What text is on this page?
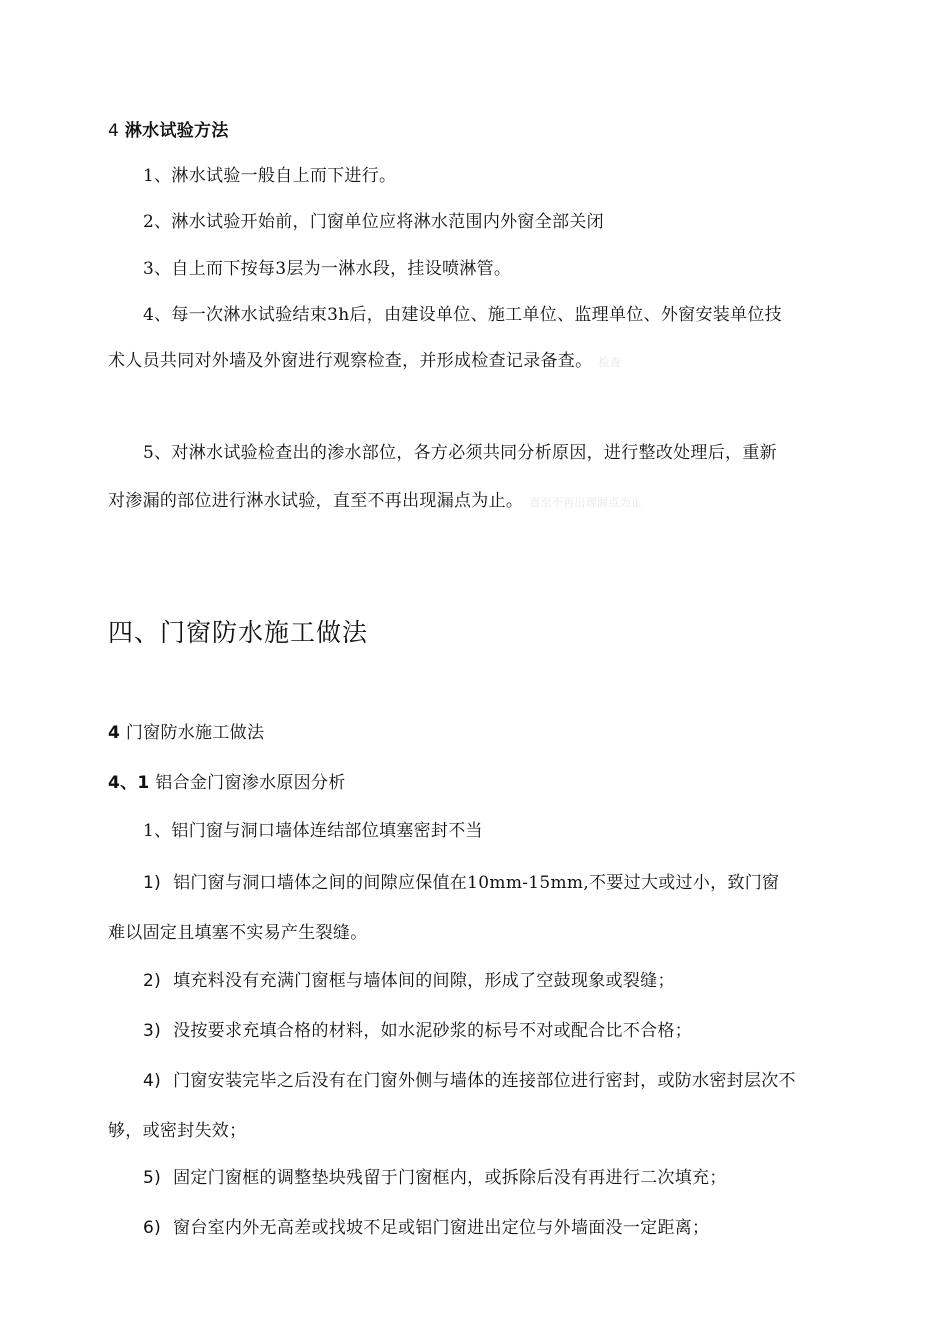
4 淋水试验方法
1、淋水试验一般自上而下进行。
2、淋水试验开始前，门窗单位应将淋水范围内外窗全部关闭
3、自上而下按每3层为一淋水段，挂设喷淋管。
4、每一次淋水试验结束3h后，由建设单位、施工单位、监理单位、外窗安装单位技
术人员共同对外墙及外窗进行观察检查，并形成检查记录备查。 检查
5、对淋水试验检查出的渗水部位，各方必须共同分析原因，进行整改处理后，重新
对渗漏的部位进行淋水试验，直至不再出现漏点为止。 直至不再出现漏点为止
四、门窗防水施工做法
4 门窗防水施工做法
4、1 铝合金门窗渗水原因分析
1、铝门窗与洞口墙体连结部位填塞密封不当
1) 铝门窗与洞口墙体之间的间隙应保值在10mm-15mm,不要过大或过小，致门窗
难以固定且填塞不实易产生裂缝。
2) 填充料没有充满门窗框与墙体间的间隙，形成了空鼓现象或裂缝；
3) 没按要求充填合格的材料，如水泥砂浆的标号不对或配合比不合格；
4) 门窗安装完毕之后没有在门窗外侧与墙体的连接部位进行密封，或防水密封层次不
够，或密封失效；
5) 固定门窗框的调整垫块残留于门窗框内，或拆除后没有再进行二次填充；
6) 窗台室内外无高差或找坡不足或铝门窗进出定位与外墙面没一定距离；
